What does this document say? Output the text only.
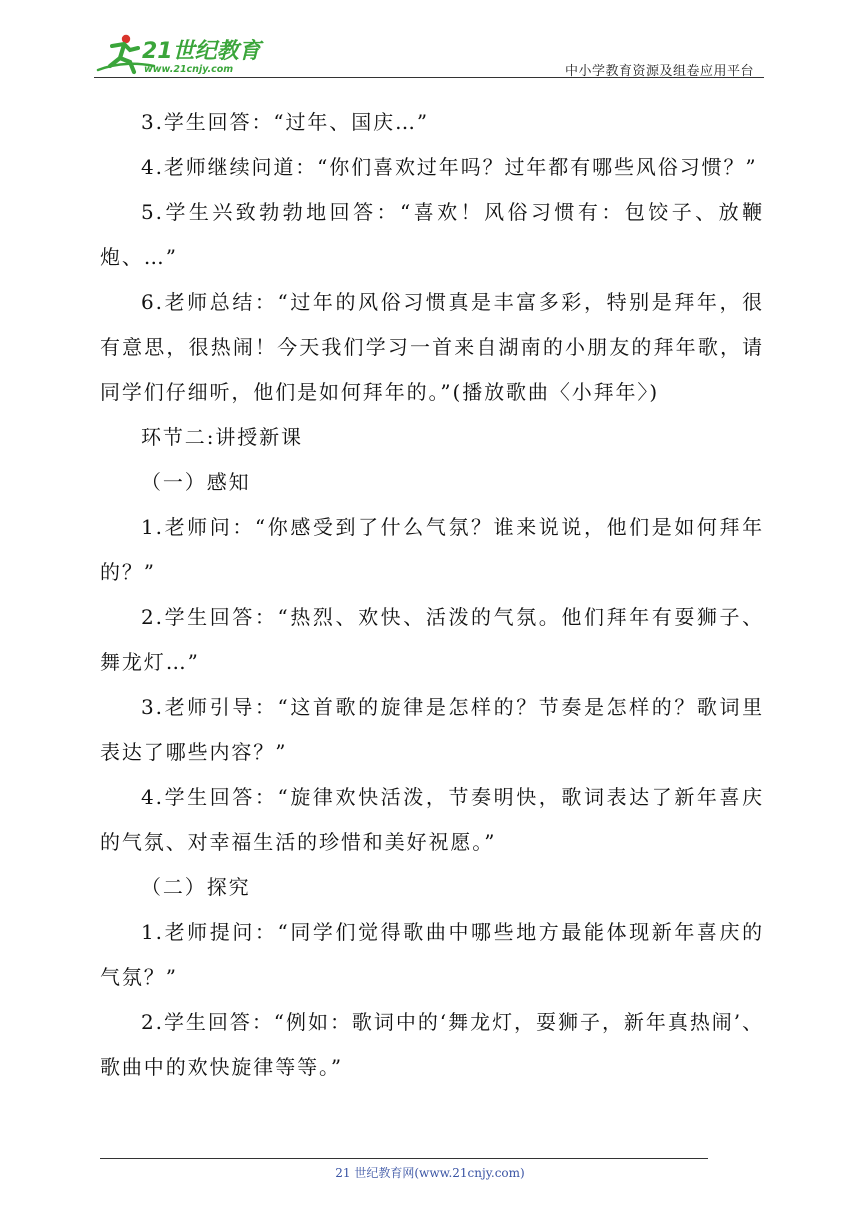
21世纪教育
www.21cnjy.com	中小学教育资源及组卷应用平台

3.学生回答：“过年、国庆…”

4.老师继续问道：“你们喜欢过年吗？过年都有哪些风俗习惯？”

5.学生兴致勃勃地回答：“喜欢！风俗习惯有：包饺子、放鞭炮、…”

6.老师总结：“过年的风俗习惯真是丰富多彩，特别是拜年，很有意思，很热闹！今天我们学习一首来自湖南的小朋友的拜年歌，请同学们仔细听，他们是如何拜年的。”(播放歌曲〈小拜年〉)

环节二:讲授新课

（一）感知

1.老师问：“你感受到了什么气氛？谁来说说，他们是如何拜年的？”

2.学生回答：“热烈、欢快、活泼的气氛。他们拜年有耍狮子、舞龙灯…”

3.老师引导：“这首歌的旋律是怎样的？节奏是怎样的？歌词里表达了哪些内容？”

4.学生回答：“旋律欢快活泼，节奏明快，歌词表达了新年喜庆的气氛、对幸福生活的珍惜和美好祝愿。”

（二）探究

1.老师提问：“同学们觉得歌曲中哪些地方最能体现新年喜庆的气氛？”

2.学生回答：“例如：歌词中的‘舞龙灯，耍狮子，新年真热闹’、歌曲中的欢快旋律等等。”

21 世纪教育网(www.21cnjy.com)
